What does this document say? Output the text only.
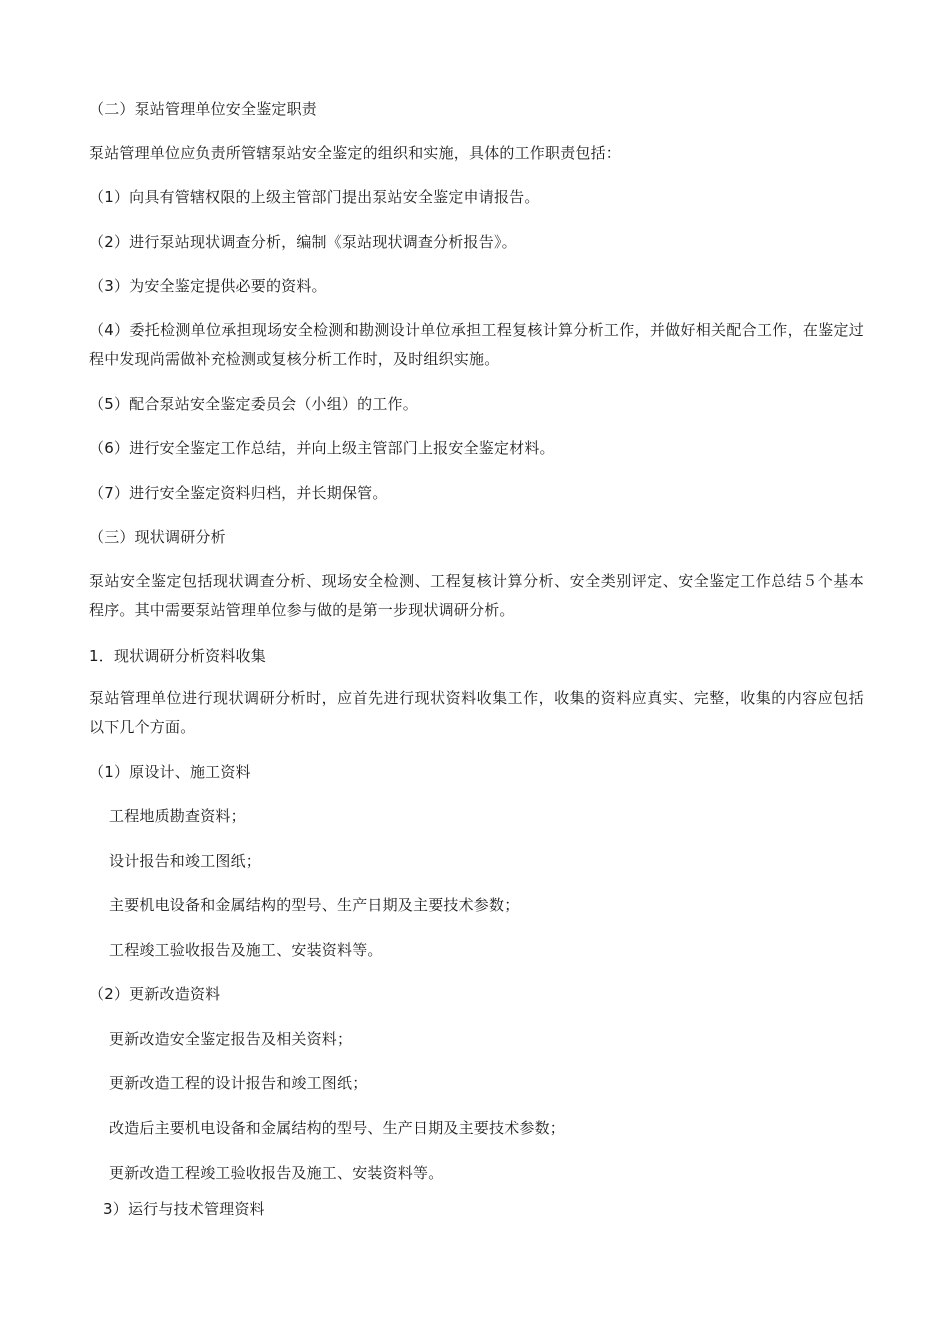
（二）泵站管理单位安全鉴定职责
泵站管理单位应负责所管辖泵站安全鉴定的组织和实施，具体的工作职责包括：
（1）向具有管辖权限的上级主管部门提出泵站安全鉴定申请报告。
（2）进行泵站现状调查分析，编制《泵站现状调查分析报告》。
（3）为安全鉴定提供必要的资料。
（4）委托检测单位承担现场安全检测和勘测设计单位承担工程复核计算分析工作，并做好相关配合工作，在鉴定过程中发现尚需做补充检测或复核分析工作时，及时组织实施。
（5）配合泵站安全鉴定委员会（小组）的工作。
（6）进行安全鉴定工作总结，并向上级主管部门上报安全鉴定材料。
（7）进行安全鉴定资料归档，并长期保管。
（三）现状调研分析
泵站安全鉴定包括现状调查分析、现场安全检测、工程复核计算分析、安全类别评定、安全鉴定工作总结５个基本程序。其中需要泵站管理单位参与做的是第一步现状调研分析。
1．现状调研分析资料收集
泵站管理单位进行现状调研分析时，应首先进行现状资料收集工作，收集的资料应真实、完整，收集的内容应包括以下几个方面。
（1）原设计、施工资料
工程地质勘查资料；
设计报告和竣工图纸；
主要机电设备和金属结构的型号、生产日期及主要技术参数；
工程竣工验收报告及施工、安装资料等。
（2）更新改造资料
更新改造安全鉴定报告及相关资料；
更新改造工程的设计报告和竣工图纸；
改造后主要机电设备和金属结构的型号、生产日期及主要技术参数；
更新改造工程竣工验收报告及施工、安装资料等。
3）运行与技术管理资料
